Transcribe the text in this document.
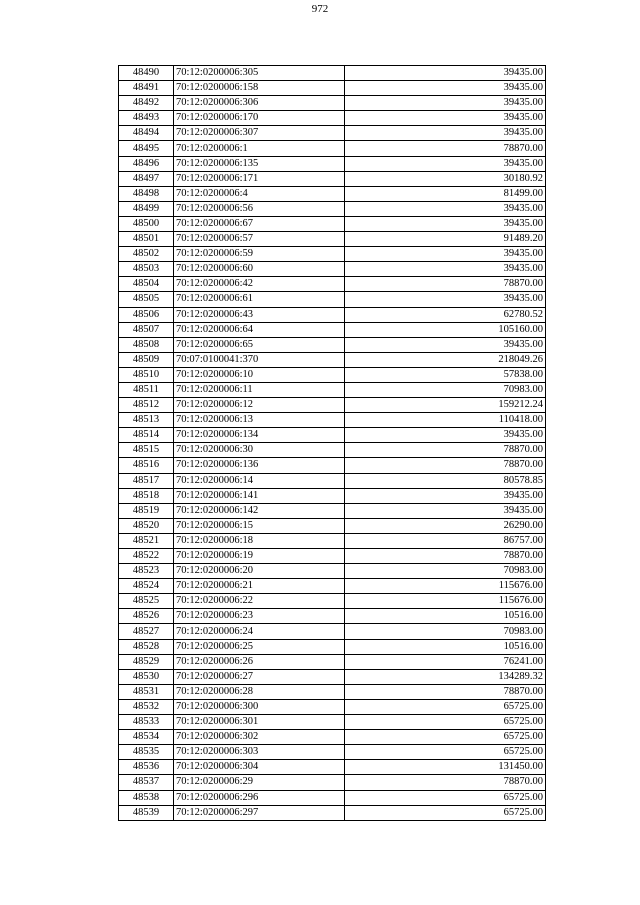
972
48490	70:12:0200006:305	39435.00
48491	70:12:0200006:158	39435.00
48492	70:12:0200006:306	39435.00
48493	70:12:0200006:170	39435.00
48494	70:12:0200006:307	39435.00
48495	70:12:0200006:1	78870.00
48496	70:12:0200006:135	39435.00
48497	70:12:0200006:171	30180.92
48498	70:12:0200006:4	81499.00
48499	70:12:0200006:56	39435.00
48500	70:12:0200006:67	39435.00
48501	70:12:0200006:57	91489.20
48502	70:12:0200006:59	39435.00
48503	70:12:0200006:60	39435.00
48504	70:12:0200006:42	78870.00
48505	70:12:0200006:61	39435.00
48506	70:12:0200006:43	62780.52
48507	70:12:0200006:64	105160.00
48508	70:12:0200006:65	39435.00
48509	70:07:0100041:370	218049.26
48510	70:12:0200006:10	57838.00
48511	70:12:0200006:11	70983.00
48512	70:12:0200006:12	159212.24
48513	70:12:0200006:13	110418.00
48514	70:12:0200006:134	39435.00
48515	70:12:0200006:30	78870.00
48516	70:12:0200006:136	78870.00
48517	70:12:0200006:14	80578.85
48518	70:12:0200006:141	39435.00
48519	70:12:0200006:142	39435.00
48520	70:12:0200006:15	26290.00
48521	70:12:0200006:18	86757.00
48522	70:12:0200006:19	78870.00
48523	70:12:0200006:20	70983.00
48524	70:12:0200006:21	115676.00
48525	70:12:0200006:22	115676.00
48526	70:12:0200006:23	10516.00
48527	70:12:0200006:24	70983.00
48528	70:12:0200006:25	10516.00
48529	70:12:0200006:26	76241.00
48530	70:12:0200006:27	134289.32
48531	70:12:0200006:28	78870.00
48532	70:12:0200006:300	65725.00
48533	70:12:0200006:301	65725.00
48534	70:12:0200006:302	65725.00
48535	70:12:0200006:303	65725.00
48536	70:12:0200006:304	131450.00
48537	70:12:0200006:29	78870.00
48538	70:12:0200006:296	65725.00
48539	70:12:0200006:297	65725.00
